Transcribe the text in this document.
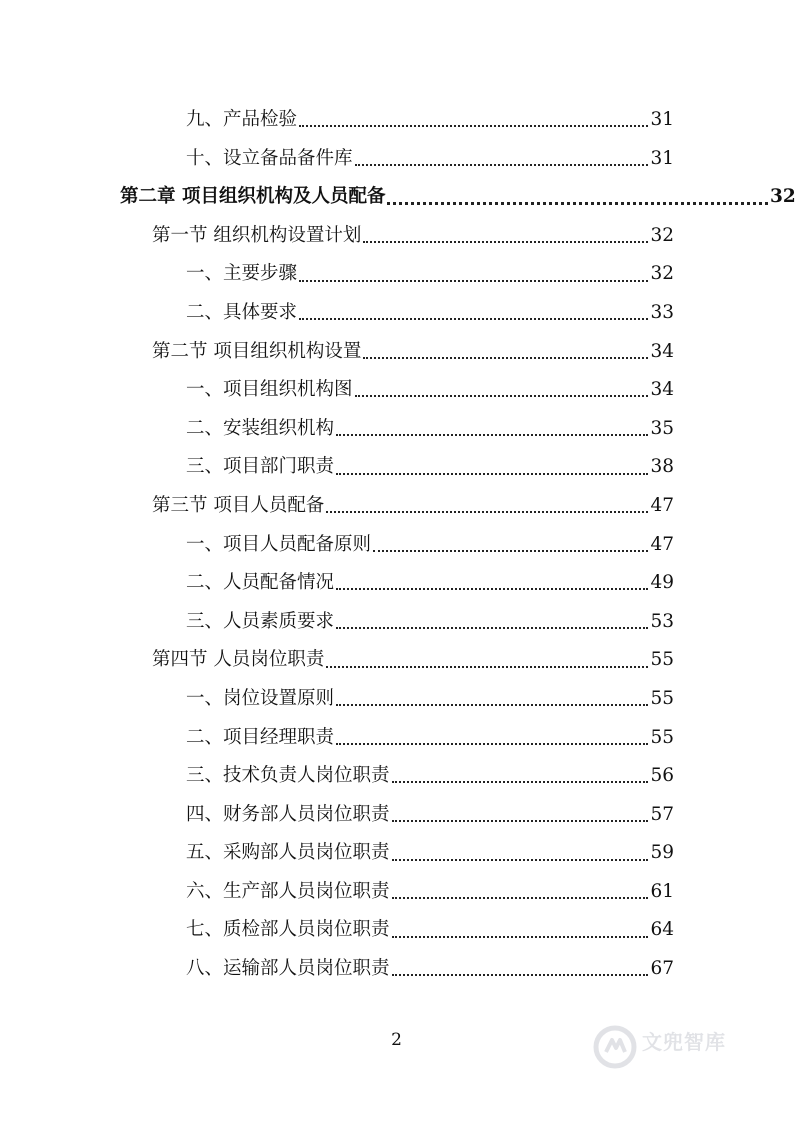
九、产品检验	31
十、设立备品备件库	31
第二章 项目组织机构及人员配备	32
第一节 组织机构设置计划	32
一、主要步骤	32
二、具体要求	33
第二节 项目组织机构设置	34
一、项目组织机构图	34
二、安装组织机构	35
三、项目部门职责	38
第三节 项目人员配备	47
一、项目人员配备原则	47
二、人员配备情况	49
三、人员素质要求	53
第四节 人员岗位职责	55
一、岗位设置原则	55
二、项目经理职责	55
三、技术负责人岗位职责	56
四、财务部人员岗位职责	57
五、采购部人员岗位职责	59
六、生产部人员岗位职责	61
七、质检部人员岗位职责	64
八、运输部人员岗位职责	67
2	文兜智库
